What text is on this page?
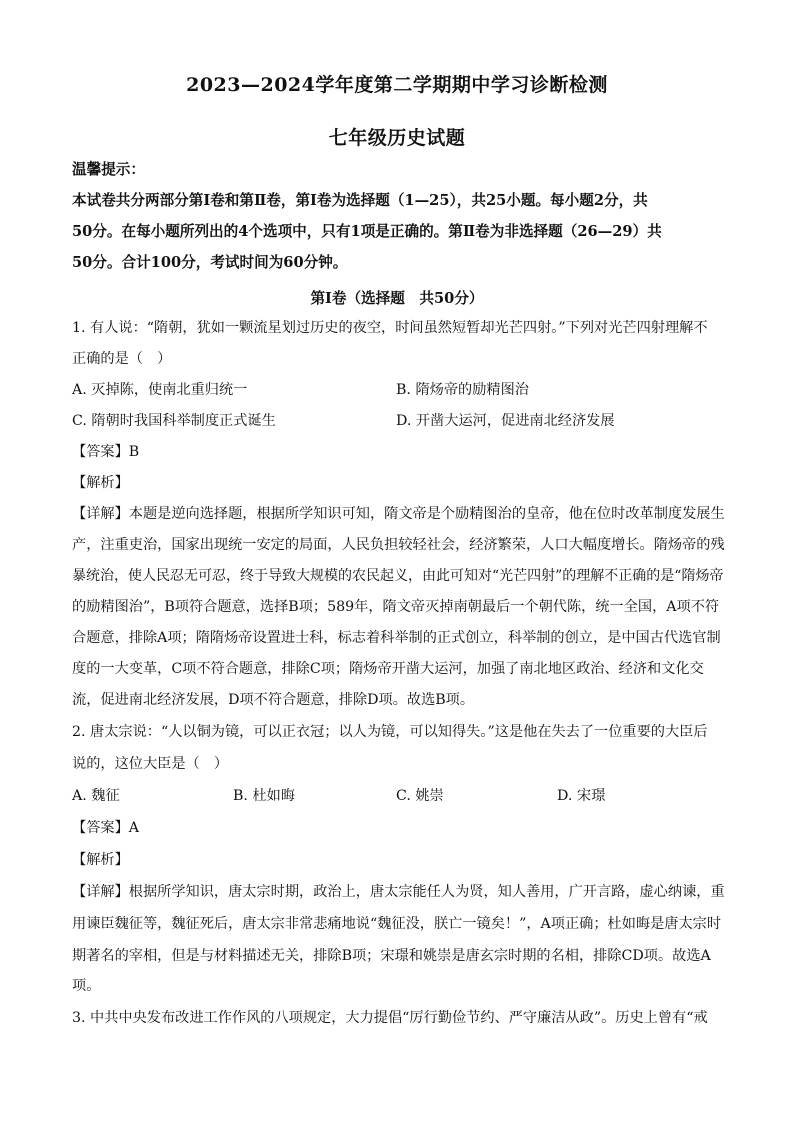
2023—2024学年度第二学期期中学习诊断检测
七年级历史试题
温馨提示：
本试卷共分两部分第Ⅰ卷和第Ⅱ卷，第Ⅰ卷为选择题（1—25），共25小题。每小题2分，共
50分。在每小题所列出的4个选项中，只有1项是正确的。第Ⅱ卷为非选择题（26—29）共
50分。合计100分，考试时间为60分钟。
第Ⅰ卷（选择题　共50分）
1. 有人说：“隋朝，犹如一颗流星划过历史的夜空，时间虽然短暂却光芒四射。”下列对光芒四射理解不
正确的是（　）
A. 灭掉陈，使南北重归统一	B. 隋炀帝的励精图治
C. 隋朝时我国科举制度正式诞生	D. 开凿大运河，促进南北经济发展
【答案】B
【解析】
【详解】本题是逆向选择题，根据所学知识可知，隋文帝是个励精图治的皇帝，他在位时改革制度发展生
产，注重吏治，国家出现统一安定的局面，人民负担较轻社会，经济繁荣，人口大幅度增长。隋炀帝的残
暴统治，使人民忍无可忍，终于导致大规模的农民起义，由此可知对“光芒四射”的理解不正确的是“隋炀帝
的励精图治”，B项符合题意，选择B项；589年，隋文帝灭掉南朝最后一个朝代陈，统一全国，A项不符
合题意，排除A项；隋隋炀帝设置进士科，标志着科举制的正式创立，科举制的创立，是中国古代选官制
度的一大变革，C项不符合题意，排除C项；隋炀帝开凿大运河，加强了南北地区政治、经济和文化交
流，促进南北经济发展，D项不符合题意，排除D项。故选B项。
2. 唐太宗说：“人以铜为镜，可以正衣冠；以人为镜，可以知得失。”这是他在失去了一位重要的大臣后
说的，这位大臣是（　）
A. 魏征	B. 杜如晦	C. 姚崇	D. 宋璟
【答案】A
【解析】
【详解】根据所学知识，唐太宗时期，政治上，唐太宗能任人为贤，知人善用，广开言路，虚心纳谏，重
用谏臣魏征等，魏征死后，唐太宗非常悲痛地说“魏征没，朕亡一镜矣！”，A项正确；杜如晦是唐太宗时
期著名的宰相，但是与材料描述无关，排除B项；宋璟和姚崇是唐玄宗时期的名相，排除CD项。故选A
项。
3. 中共中央发布改进工作作风的八项规定，大力提倡“厉行勤俭节约、严守廉洁从政”。历史上曾有“戒
